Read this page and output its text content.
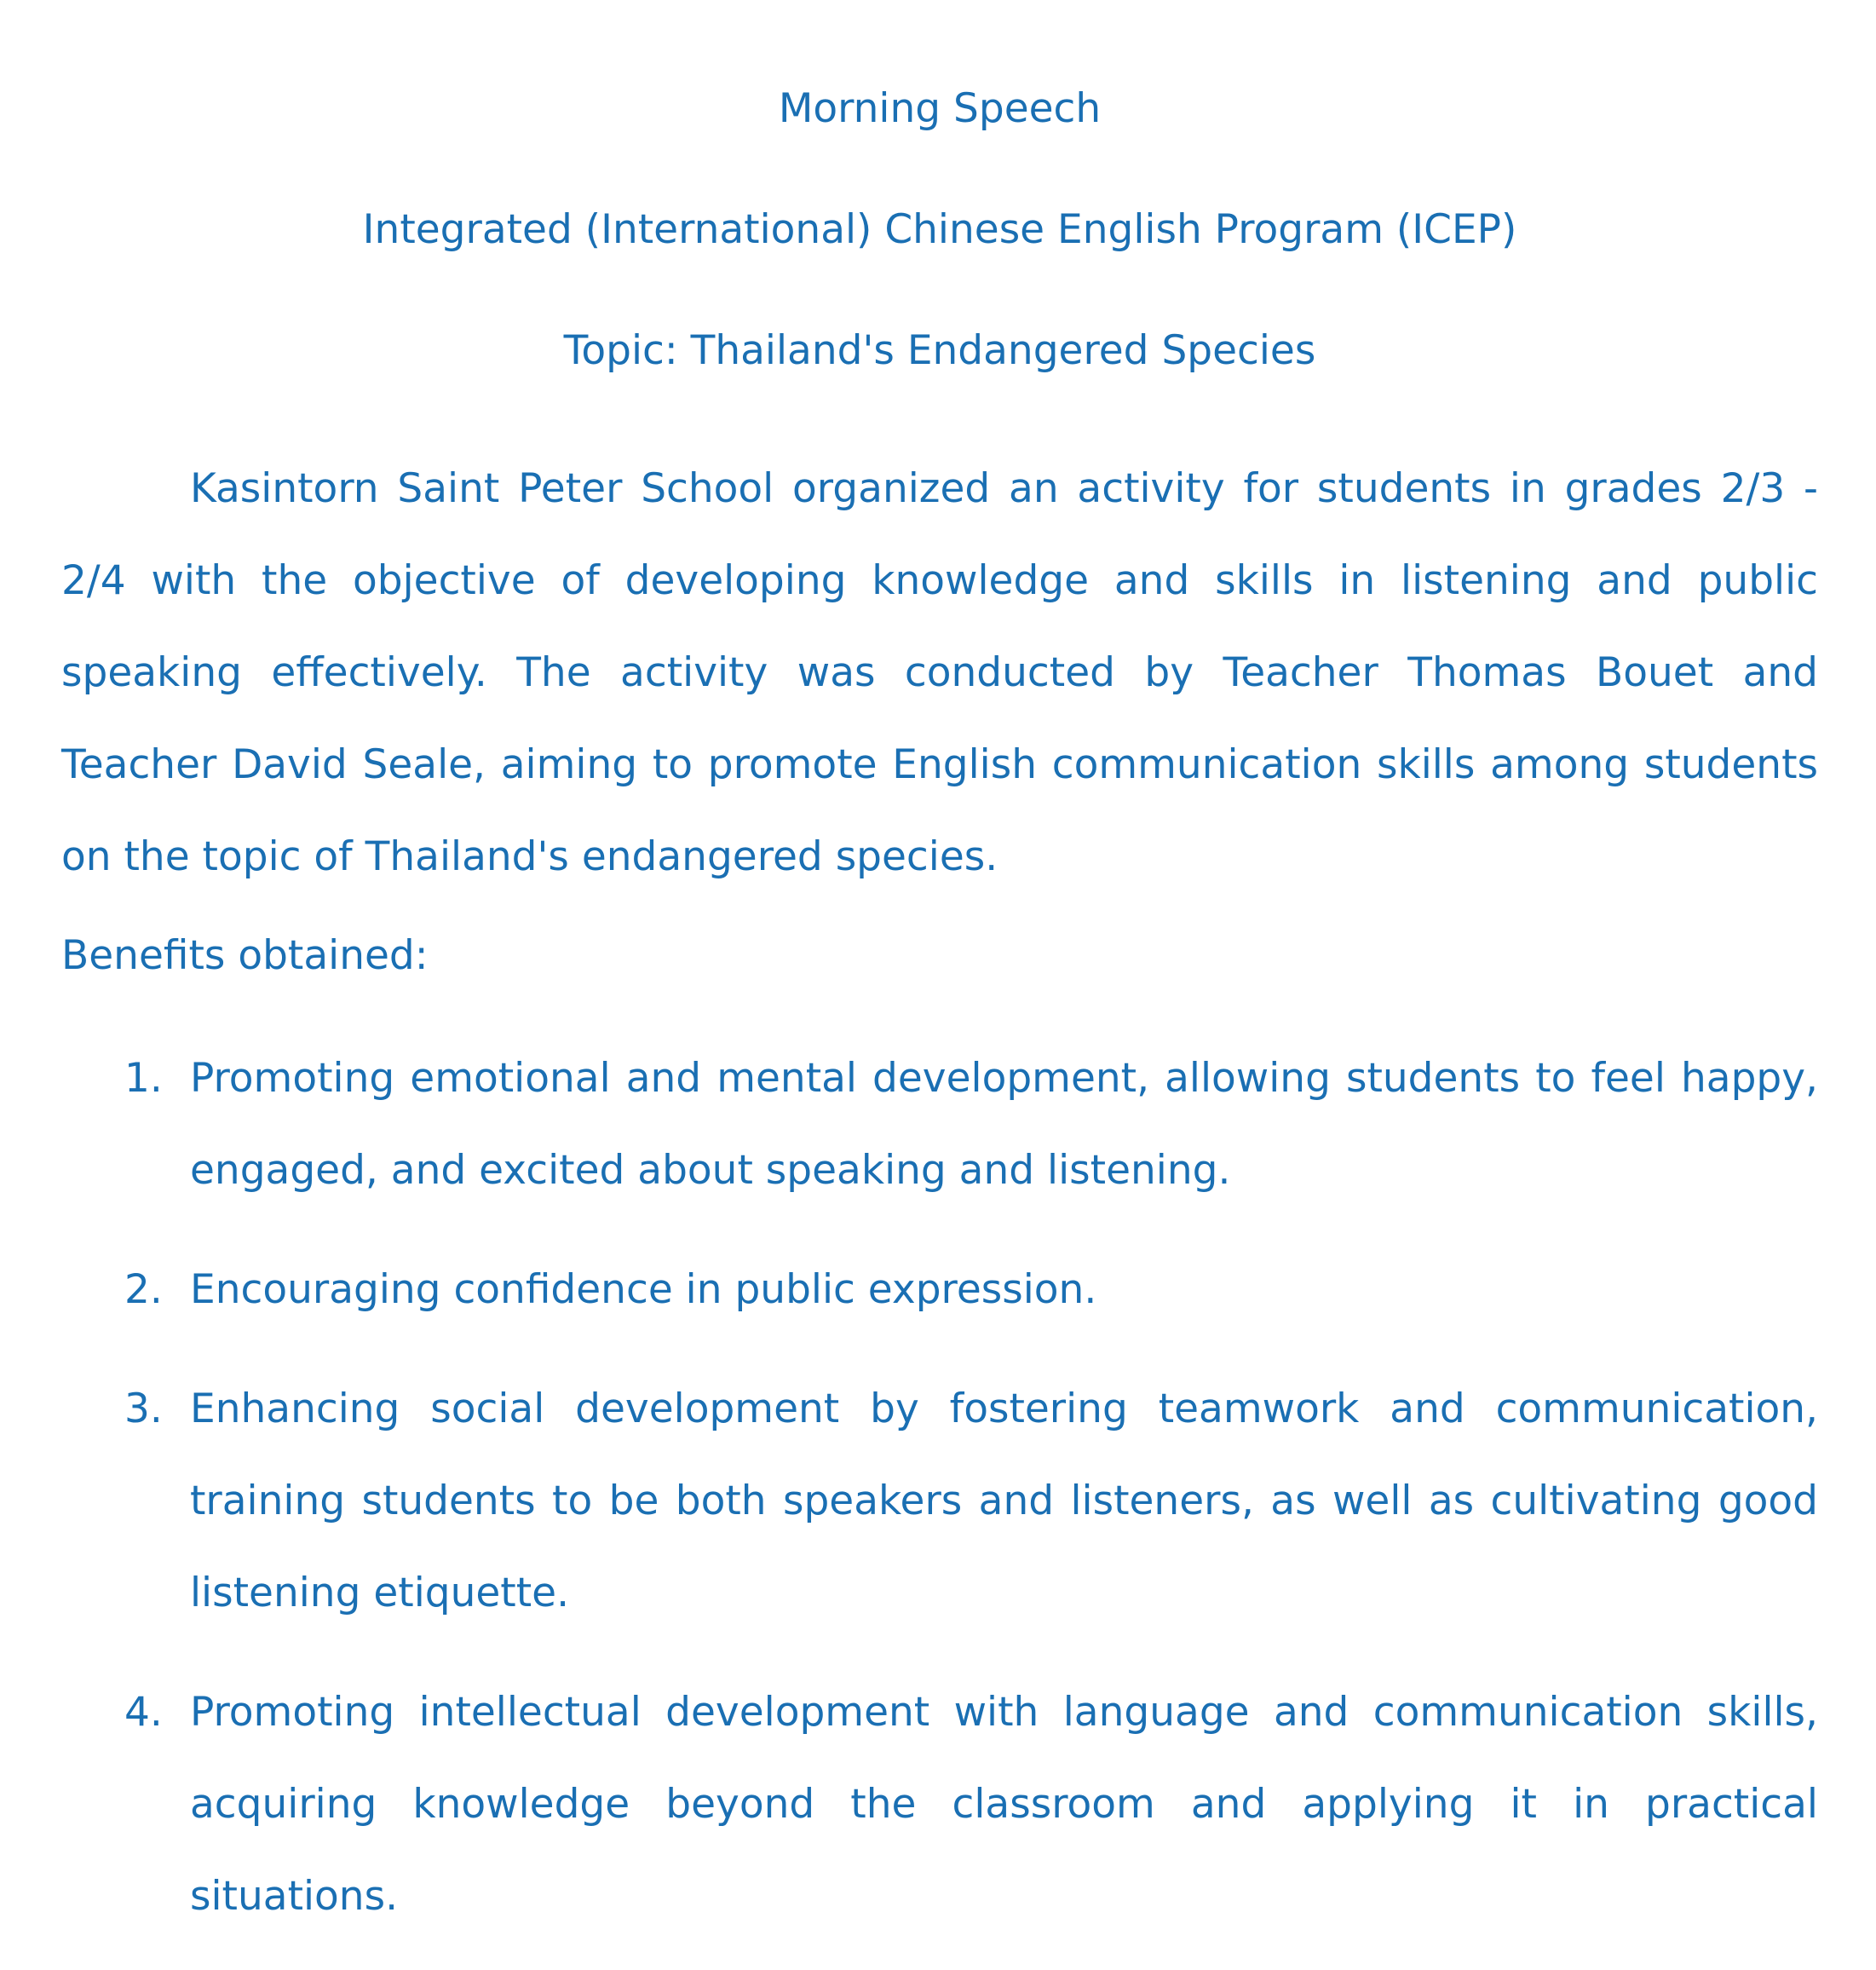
Morning Speech

Integrated (International) Chinese English Program (ICEP)

Topic: Thailand's Endangered Species

Kasintorn Saint Peter School organized an activity for students in grades 2/3 - 2/4 with the objective of developing knowledge and skills in listening and public speaking effectively. The activity was conducted by Teacher Thomas Bouet and Teacher David Seale, aiming to promote English communication skills among students on the topic of Thailand's endangered species.

Benefits obtained:

1. Promoting emotional and mental development, allowing students to feel happy, engaged, and excited about speaking and listening.
2. Encouraging confidence in public expression.
3. Enhancing social development by fostering teamwork and communication, training students to be both speakers and listeners, as well as cultivating good listening etiquette.
4. Promoting intellectual development with language and communication skills, acquiring knowledge beyond the classroom and applying it in practical situations.
